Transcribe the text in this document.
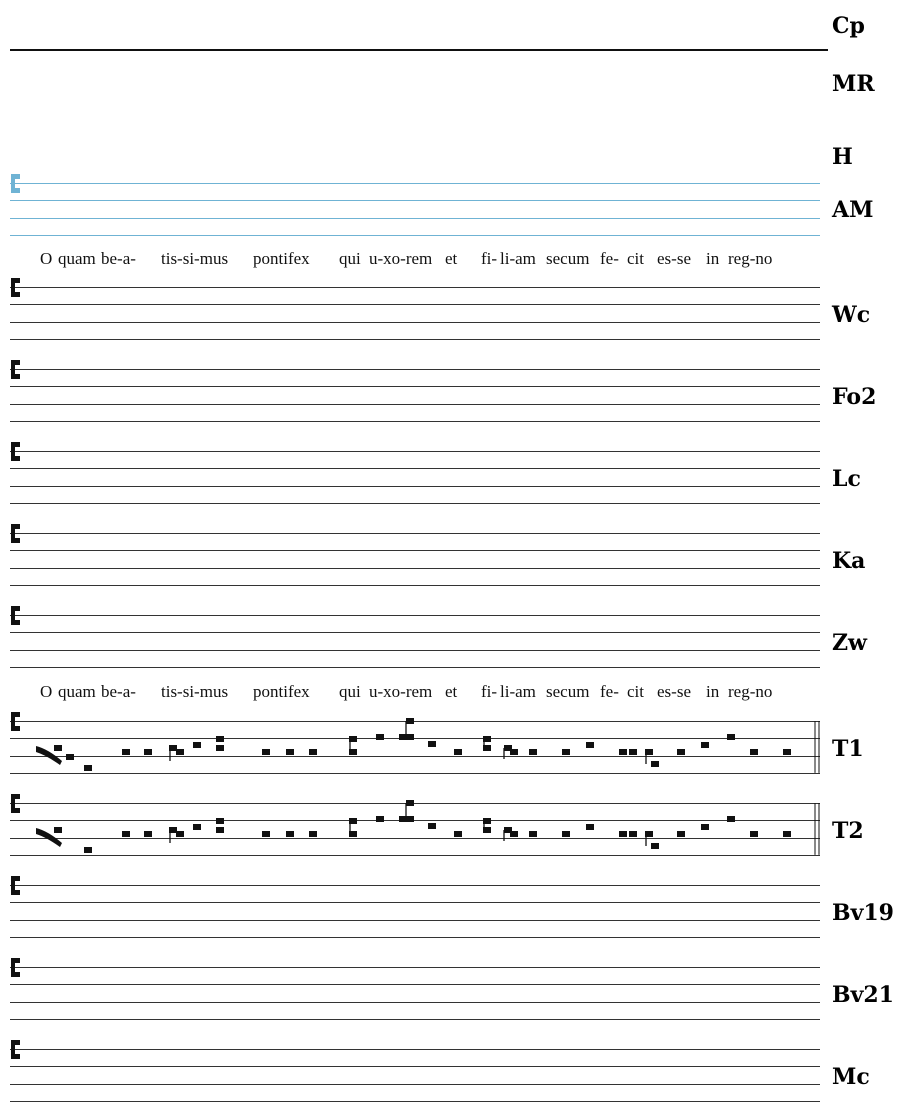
Cp
MR
H
AM
Wc
Fo2
Lc
Ka
Zw
T1
T2
Bv19
Bv21
Mc
O quam be-a- tis-si-mus pontifex qui u-xo-rem et fi- li-am secum fe- cit es-se in reg-no
O quam be-a- tis-si-mus pontifex qui u-xo-rem et fi- li-am secum fe- cit es-se in reg-no
